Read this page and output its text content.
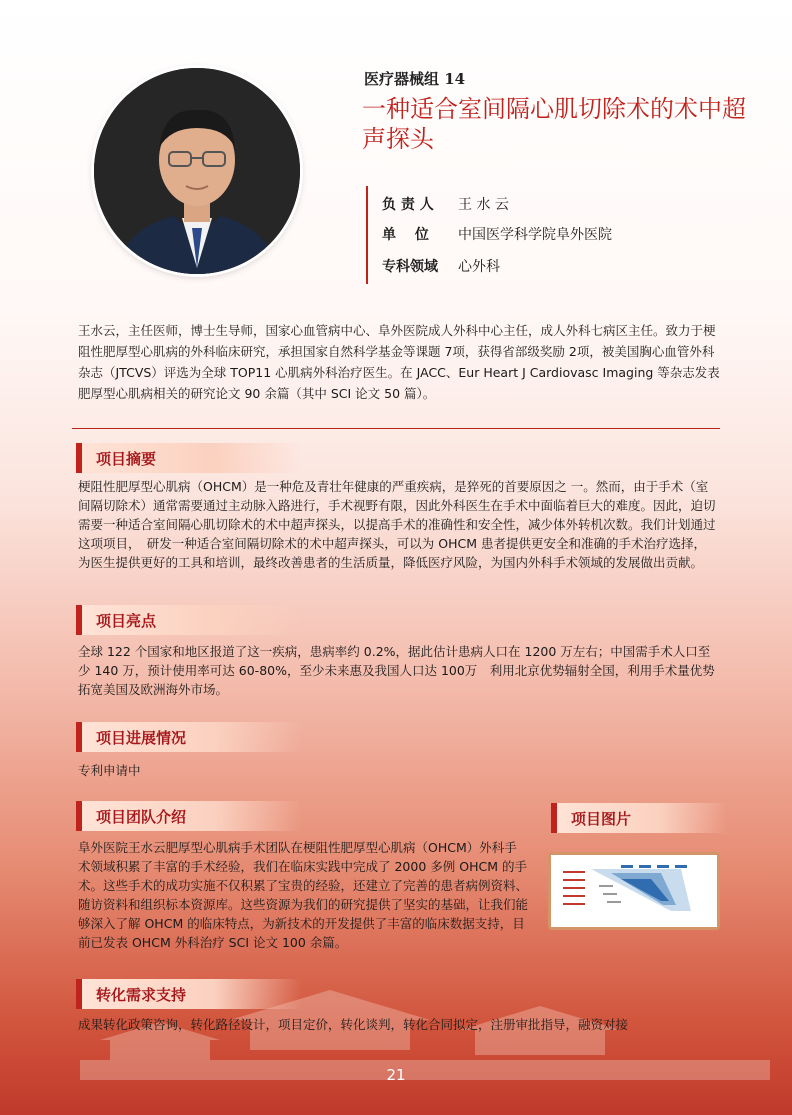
医疗器械组 14
一种适合室间隔心肌切除术的术中超声探头
负 责 人	王 水 云
单　 位	中国医学科学院阜外医院
专科领域	心外科
王水云，主任医师，博士生导师，国家心血管病中心、阜外医院成人外科中心主任，成人外科七病区主任。致力于梗阻性肥厚型心肌病的外科临床研究，承担国家自然科学基金等课题 7项，获得省部级奖励 2项，被美国胸心血管外科杂志（JTCVS）评选为全球 TOP11 心肌病外科治疗医生。在 JACC、Eur Heart J Cardiovasc Imaging 等杂志发表肥厚型心肌病相关的研究论文 90 余篇（其中 SCI 论文 50 篇）。
项目摘要
梗阻性肥厚型心肌病（OHCM）是一种危及青壮年健康的严重疾病，是猝死的首要原因之 一。然而，由于手术（室间隔切除术）通常需要通过主动脉入路进行，手术视野有限，因此外科医生在手术中面临着巨大的难度。因此，迫切需要一种适合室间隔心肌切除术的术中超声探头，以提高手术的准确性和安全性，减少体外转机次数。我们计划通过这项项目，　研发一种适合室间隔切除术的术中超声探头，可以为 OHCM 患者提供更安全和准确的手术治疗选择，为医生提供更好的工具和培训，最终改善患者的生活质量，降低医疗风险，为国内外科手术领域的发展做出贡献。
项目亮点
全球 122 个国家和地区报道了这一疾病，患病率约 0.2%，据此估计患病人口在 1200 万左右；中国需手术人口至少 140 万，预计使用率可达 60-80%，至少未来惠及我国人口达 100万　利用北京优势辐射全国，利用手术量优势拓宽美国及欧洲海外市场。
项目进展情况
专利申请中
项目团队介绍
阜外医院王水云肥厚型心肌病手术团队在梗阻性肥厚型心肌病（OHCM）外科手术领域积累了丰富的手术经验，我们在临床实践中完成了 2000 多例 OHCM 的手术。这些手术的成功实施不仅积累了宝贵的经验，还建立了完善的患者病例资料、随访资料和组织标本资源库。这些资源为我们的研究提供了坚实的基础，让我们能够深入了解 OHCM 的临床特点，为新技术的开发提供了丰富的临床数据支持，目前已发表 OHCM 外科治疗 SCI 论文 100 余篇。
项目图片
转化需求支持
成果转化政策咨询，转化路径设计，项目定价，转化谈判，转化合同拟定，注册审批指导，融资对接
21
